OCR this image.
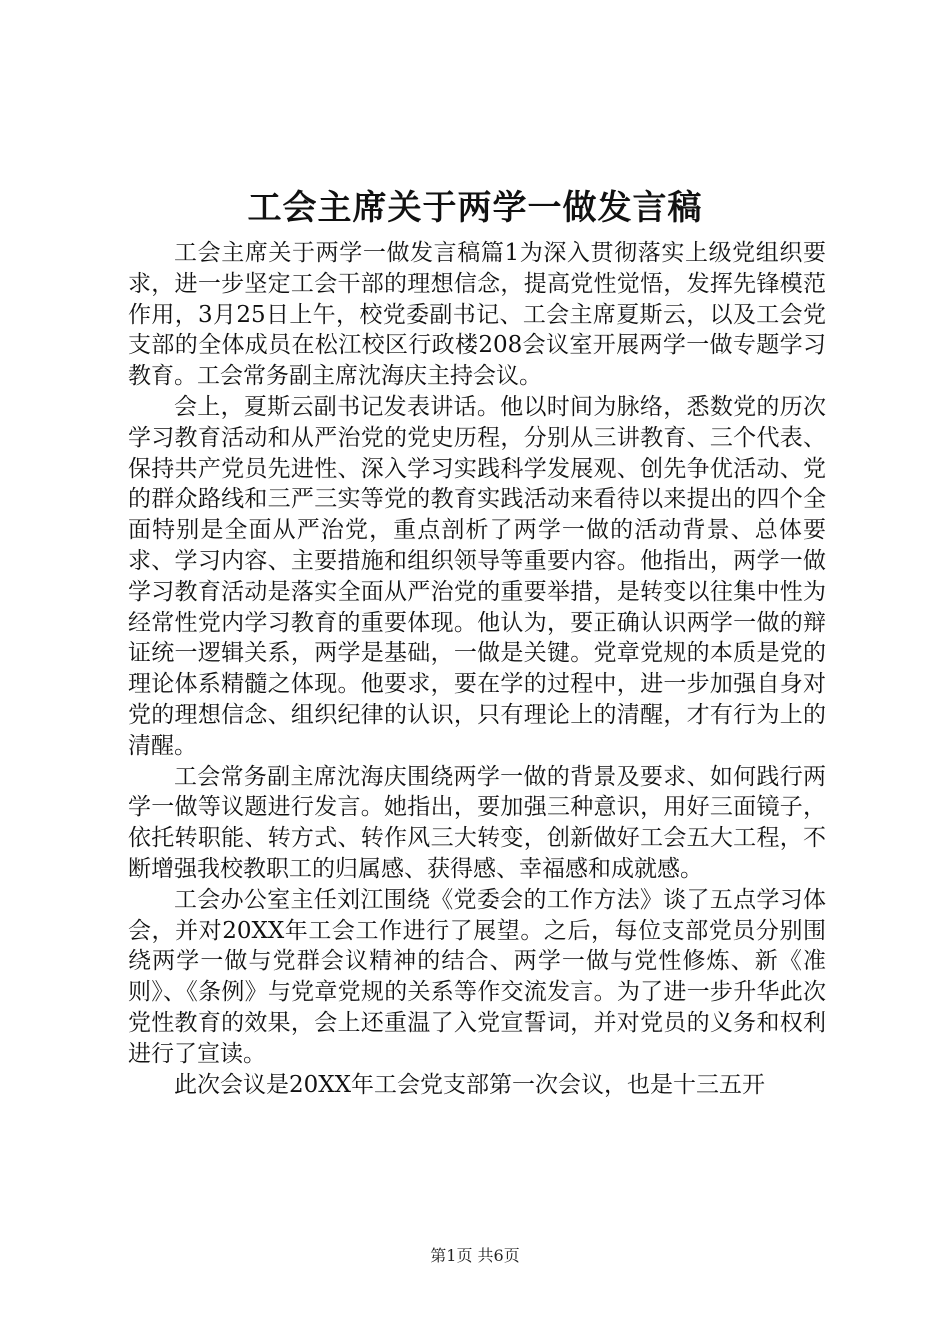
工会主席关于两学一做发言稿

工会主席关于两学一做发言稿篇1为深入贯彻落实上级党组织要求，进一步坚定工会干部的理想信念，提高党性觉悟，发挥先锋模范作用，3月25日上午，校党委副书记、工会主席夏斯云，以及工会党支部的全体成员在松江校区行政楼208会议室开展两学一做专题学习教育。工会常务副主席沈海庆主持会议。

会上，夏斯云副书记发表讲话。他以时间为脉络，悉数党的历次学习教育活动和从严治党的党史历程，分别从三讲教育、三个代表、保持共产党员先进性、深入学习实践科学发展观、创先争优活动、党的群众路线和三严三实等党的教育实践活动来看待以来提出的四个全面特别是全面从严治党，重点剖析了两学一做的活动背景、总体要求、学习内容、主要措施和组织领导等重要内容。他指出，两学一做学习教育活动是落实全面从严治党的重要举措，是转变以往集中性为经常性党内学习教育的重要体现。他认为，要正确认识两学一做的辩证统一逻辑关系，两学是基础，一做是关键。党章党规的本质是党的理论体系精髓之体现。他要求，要在学的过程中，进一步加强自身对党的理想信念、组织纪律的认识，只有理论上的清醒，才有行为上的清醒。

工会常务副主席沈海庆围绕两学一做的背景及要求、如何践行两学一做等议题进行发言。她指出，要加强三种意识，用好三面镜子，依托转职能、转方式、转作风三大转变，创新做好工会五大工程，不断增强我校教职工的归属感、获得感、幸福感和成就感。

工会办公室主任刘江围绕《党委会的工作方法》谈了五点学习体会，并对20XX年工会工作进行了展望。之后，每位支部党员分别围绕两学一做与党群会议精神的结合、两学一做与党性修炼、新《准则》、《条例》与党章党规的关系等作交流发言。为了进一步升华此次党性教育的效果，会上还重温了入党宣誓词，并对党员的义务和权利进行了宣读。

此次会议是20XX年工会党支部第一次会议，也是十三五开

第1页 共6页
